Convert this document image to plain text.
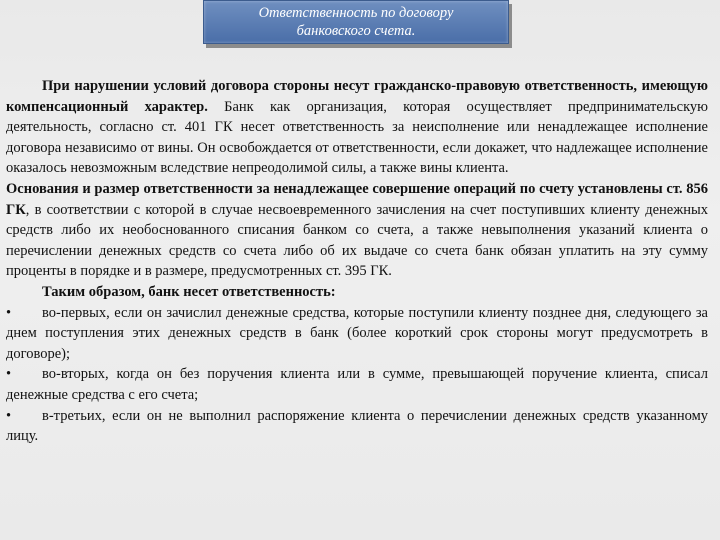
Ответственность по договору
банковского счета.

При нарушении условий договора стороны несут гражданско-правовую ответственность, имеющую компенсационный характер. Банк как организация, которая осуществляет предпринимательскую деятельность, согласно ст. 401 ГК несет ответственность за неисполнение или ненадлежащее исполнение договора независимо от вины. Он освобождается от ответственности, если докажет, что надлежащее исполнение оказалось невозможным вследствие непреодолимой силы, а также вины клиента.

Основания и размер ответственности за ненадлежащее совершение операций по счету установлены ст. 856 ГК, в соответствии с которой в случае несвоевременного зачисления на счет поступивших клиенту денежных средств либо их необоснованного списания банком со счета, а также невыполнения указаний клиента о перечислении денежных средств со счета либо об их выдаче со счета банк обязан уплатить на эту сумму проценты в порядке и в размере, предусмотренных ст. 395 ГК.

Таким образом, банк несет ответственность:

• во-первых, если он зачислил денежные средства, которые поступили клиенту позднее дня, следующего за днем поступления этих денежных средств в банк (более короткий срок стороны могут предусмотреть в договоре);

• во-вторых, когда он без поручения клиента или в сумме, превышающей поручение клиента, списал денежные средства с его счета;

• в-третьих, если он не выполнил распоряжение клиента о перечислении денежных средств указанному лицу.
